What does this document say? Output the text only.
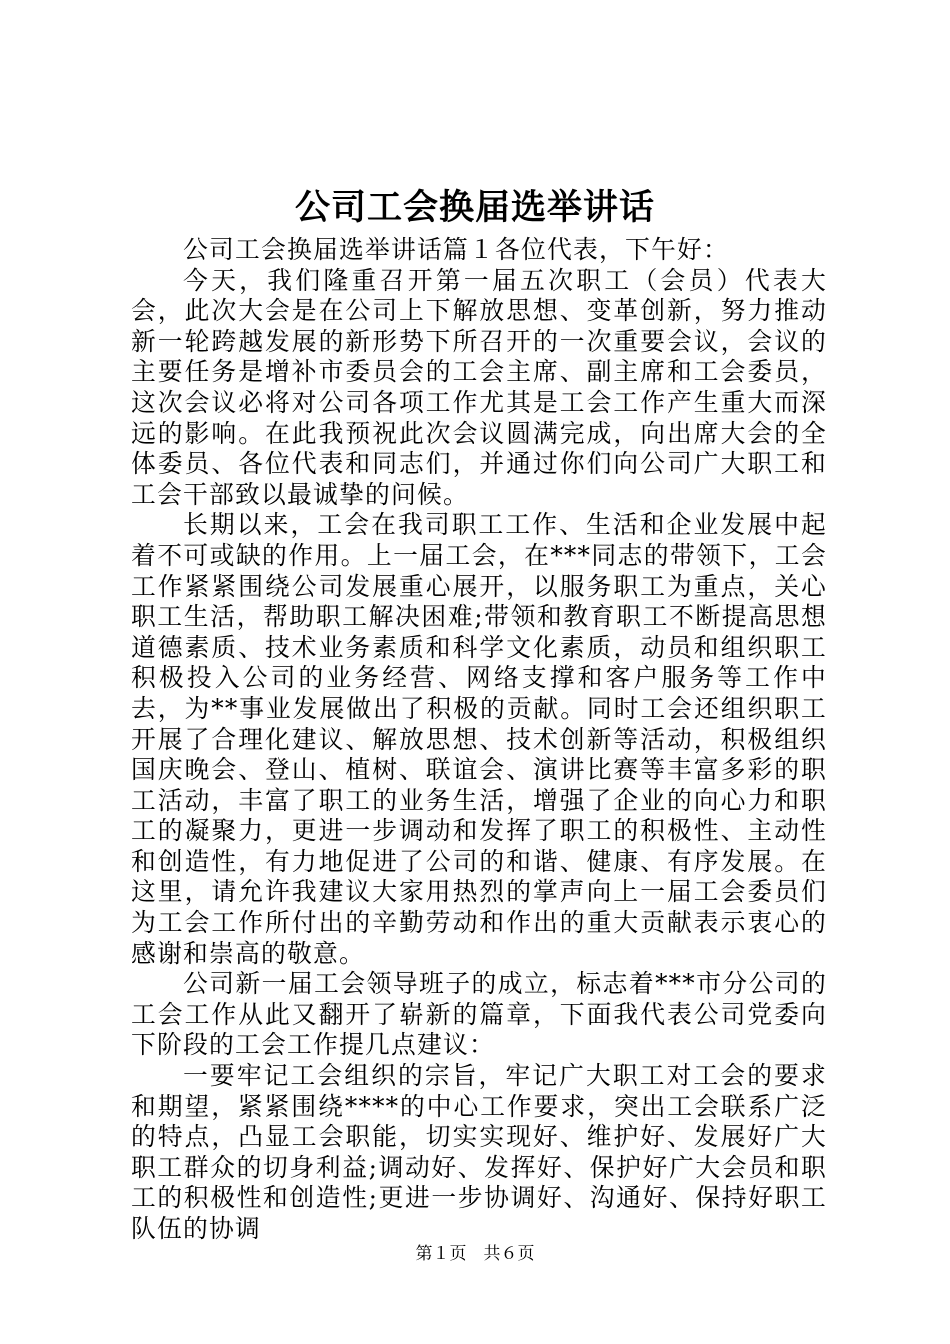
公司工会换届选举讲话

公司工会换届选举讲话篇１各位代表，下午好：

今天，我们隆重召开第一届五次职工（会员）代表大会，此次大会是在公司上下解放思想、变革创新，努力推动新一轮跨越发展的新形势下所召开的一次重要会议，会议的主要任务是增补市委员会的工会主席、副主席和工会委员，这次会议必将对公司各项工作尤其是工会工作产生重大而深远的影响。在此我预祝此次会议圆满完成，向出席大会的全体委员、各位代表和同志们，并通过你们向公司广大职工和工会干部致以最诚挚的问候。

长期以来，工会在我司职工工作、生活和企业发展中起着不可或缺的作用。上一届工会，在***同志的带领下，工会工作紧紧围绕公司发展重心展开，以服务职工为重点，关心职工生活，帮助职工解决困难;带领和教育职工不断提高思想道德素质、技术业务素质和科学文化素质，动员和组织职工积极投入公司的业务经营、网络支撑和客户服务等工作中去，为**事业发展做出了积极的贡献。同时工会还组织职工开展了合理化建议、解放思想、技术创新等活动，积极组织国庆晚会、登山、植树、联谊会、演讲比赛等丰富多彩的职工活动，丰富了职工的业务生活，增强了企业的向心力和职工的凝聚力，更进一步调动和发挥了职工的积极性、主动性和创造性，有力地促进了公司的和谐、健康、有序发展。在这里，请允许我建议大家用热烈的掌声向上一届工会委员们为工会工作所付出的辛勤劳动和作出的重大贡献表示衷心的感谢和崇高的敬意。

公司新一届工会领导班子的成立，标志着***市分公司的工会工作从此又翻开了崭新的篇章，下面我代表公司党委向下阶段的工会工作提几点建议：

一要牢记工会组织的宗旨，牢记广大职工对工会的要求和期望，紧紧围绕****的中心工作要求，突出工会联系广泛的特点，凸显工会职能，切实实现好、维护好、发展好广大职工群众的切身利益;调动好、发挥好、保护好广大会员和职工的积极性和创造性;更进一步协调好、沟通好、保持好职工队伍的协调

第１页　共６页
